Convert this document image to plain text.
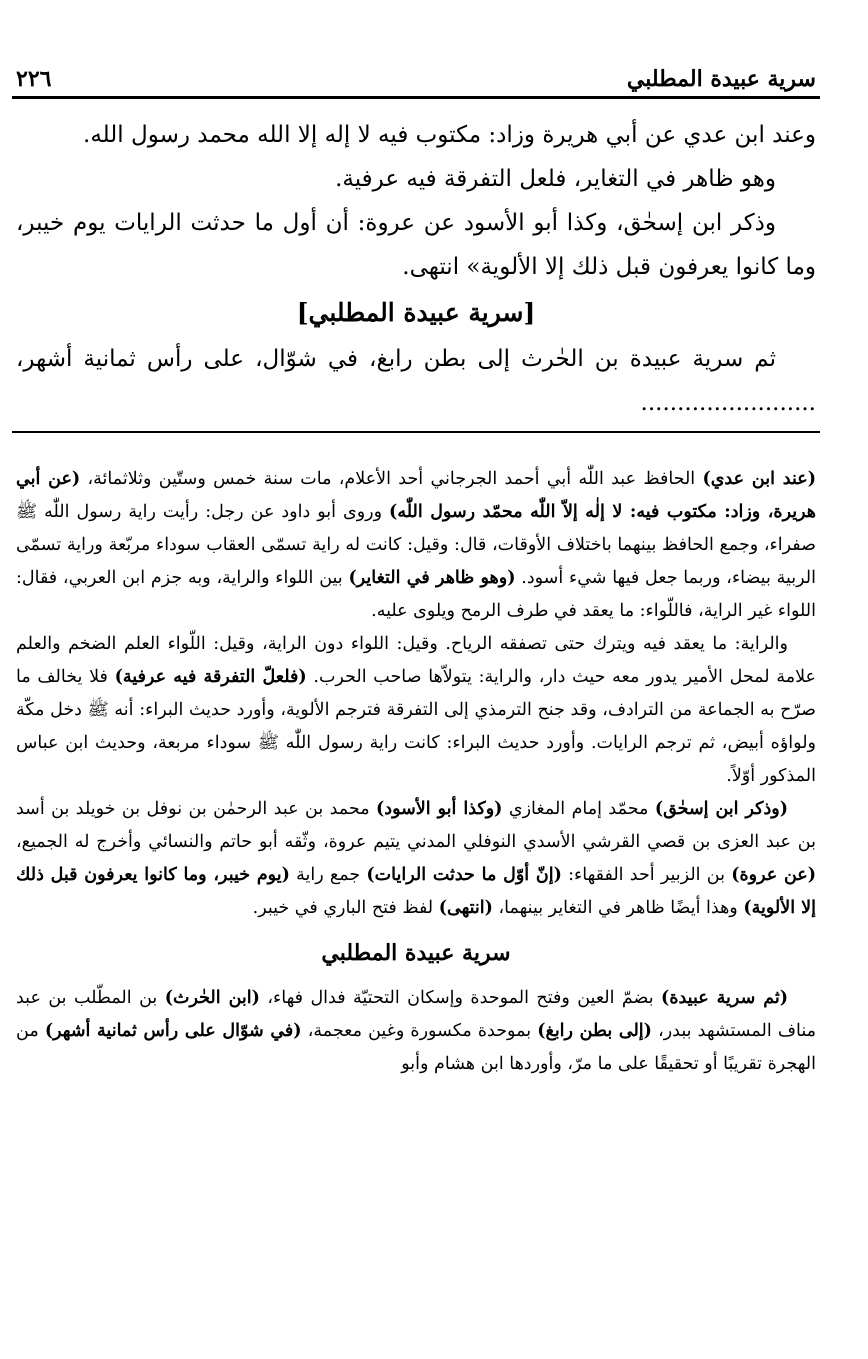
سرية عبيدة المطلبي
٢٢٦

وعند ابن عدي عن أبي هريرة وزاد: مكتوب فيه لا إله إلا الله محمد رسول الله.

وهو ظاهر في التغاير، فلعل التفرقة فيه عرفية.

وذكر ابن إسحٰق، وكذا أبو الأسود عن عروة: أن أول ما حدثت الرايات يوم خيبر، وما كانوا يعرفون قبل ذلك إلا الألوية» انتهى.

[سرية عبيدة المطلبي]

ثم سرية عبيدة بن الحٰرث إلى بطن رابغ، في شوّال، على رأس ثمانية أشهر، ........................

(عند ابن عدي) الحافظ عبد اللّٰه أبي أحمد الجرجاني أحد الأعلام، مات سنة خمس وستّين وثلاثمائة، (عن أبي هريرة، وزاد: مكتوب فيه: لا إلٰه إلاّ اللّٰه محمّد رسول اللّٰه) وروى أبو داود عن رجل: رأيت راية رسول اللّٰه ﷺ صفراء، وجمع الحافظ بينهما باختلاف الأوقات، قال: وقيل: كانت له راية تسمّى العقاب سوداء مربّعة وراية تسمّى الربية بيضاء، وربما جعل فيها شيء أسود. (وهو ظاهر في التغاير) بين اللواء والراية، وبه جزم ابن العربي، فقال: اللواء غير الراية، فاللّواء: ما يعقد في طرف الرمح ويلوى عليه.

والراية: ما يعقد فيه ويترك حتى تصفقه الرياح. وقيل: اللواء دون الراية، وقيل: اللّواء العلم الضخم والعلم علامة لمحل الأمير يدور معه حيث دار، والراية: يتولاّها صاحب الحرب. (فلعلّ التفرقة فيه عرفية) فلا يخالف ما صرّح به الجماعة من الترادف، وقد جنح الترمذي إلى التفرقة فترجم الألوية، وأورد حديث البراء: أنه ﷺ دخل مكّة ولواؤه أبيض، ثم ترجم الرايات. وأورد حديث البراء: كانت راية رسول اللّٰه ﷺ سوداء مربعة، وحديث ابن عباس المذكور أوّلاً.

(وذكر ابن إسحٰق) محمّد إمام المغازي (وكذا أبو الأسود) محمد بن عبد الرحمٰن بن نوفل بن خويلد بن أسد بن عبد العزى بن قصي القرشي الأسدي النوفلي المدني يتيم عروة، وثّقه أبو حاتم والنسائي وأخرج له الجميع، (عن عروة) بن الزبير أحد الفقهاء: (إنّ أوّل ما حدثت الرايات) جمع راية (يوم خيبر، وما كانوا يعرفون قبل ذلك إلا الألوية) وهذا أيضًا ظاهر في التغاير بينهما، (انتهى) لفظ فتح الباري في خيبر.

سرية عبيدة المطلبي

(ثم سرية عبيدة) بضمّ العين وفتح الموحدة وإسكان التحتيّة فدال فهاء، (ابن الحٰرث) بن المطّلب بن عبد مناف المستشهد ببدر، (إلى بطن رابغ) بموحدة مكسورة وغين معجمة، (في شوّال على رأس ثمانية أشهر) من الهجرة تقريبًا أو تحقيقًا على ما مرّ، وأوردها ابن هشام وأبو
